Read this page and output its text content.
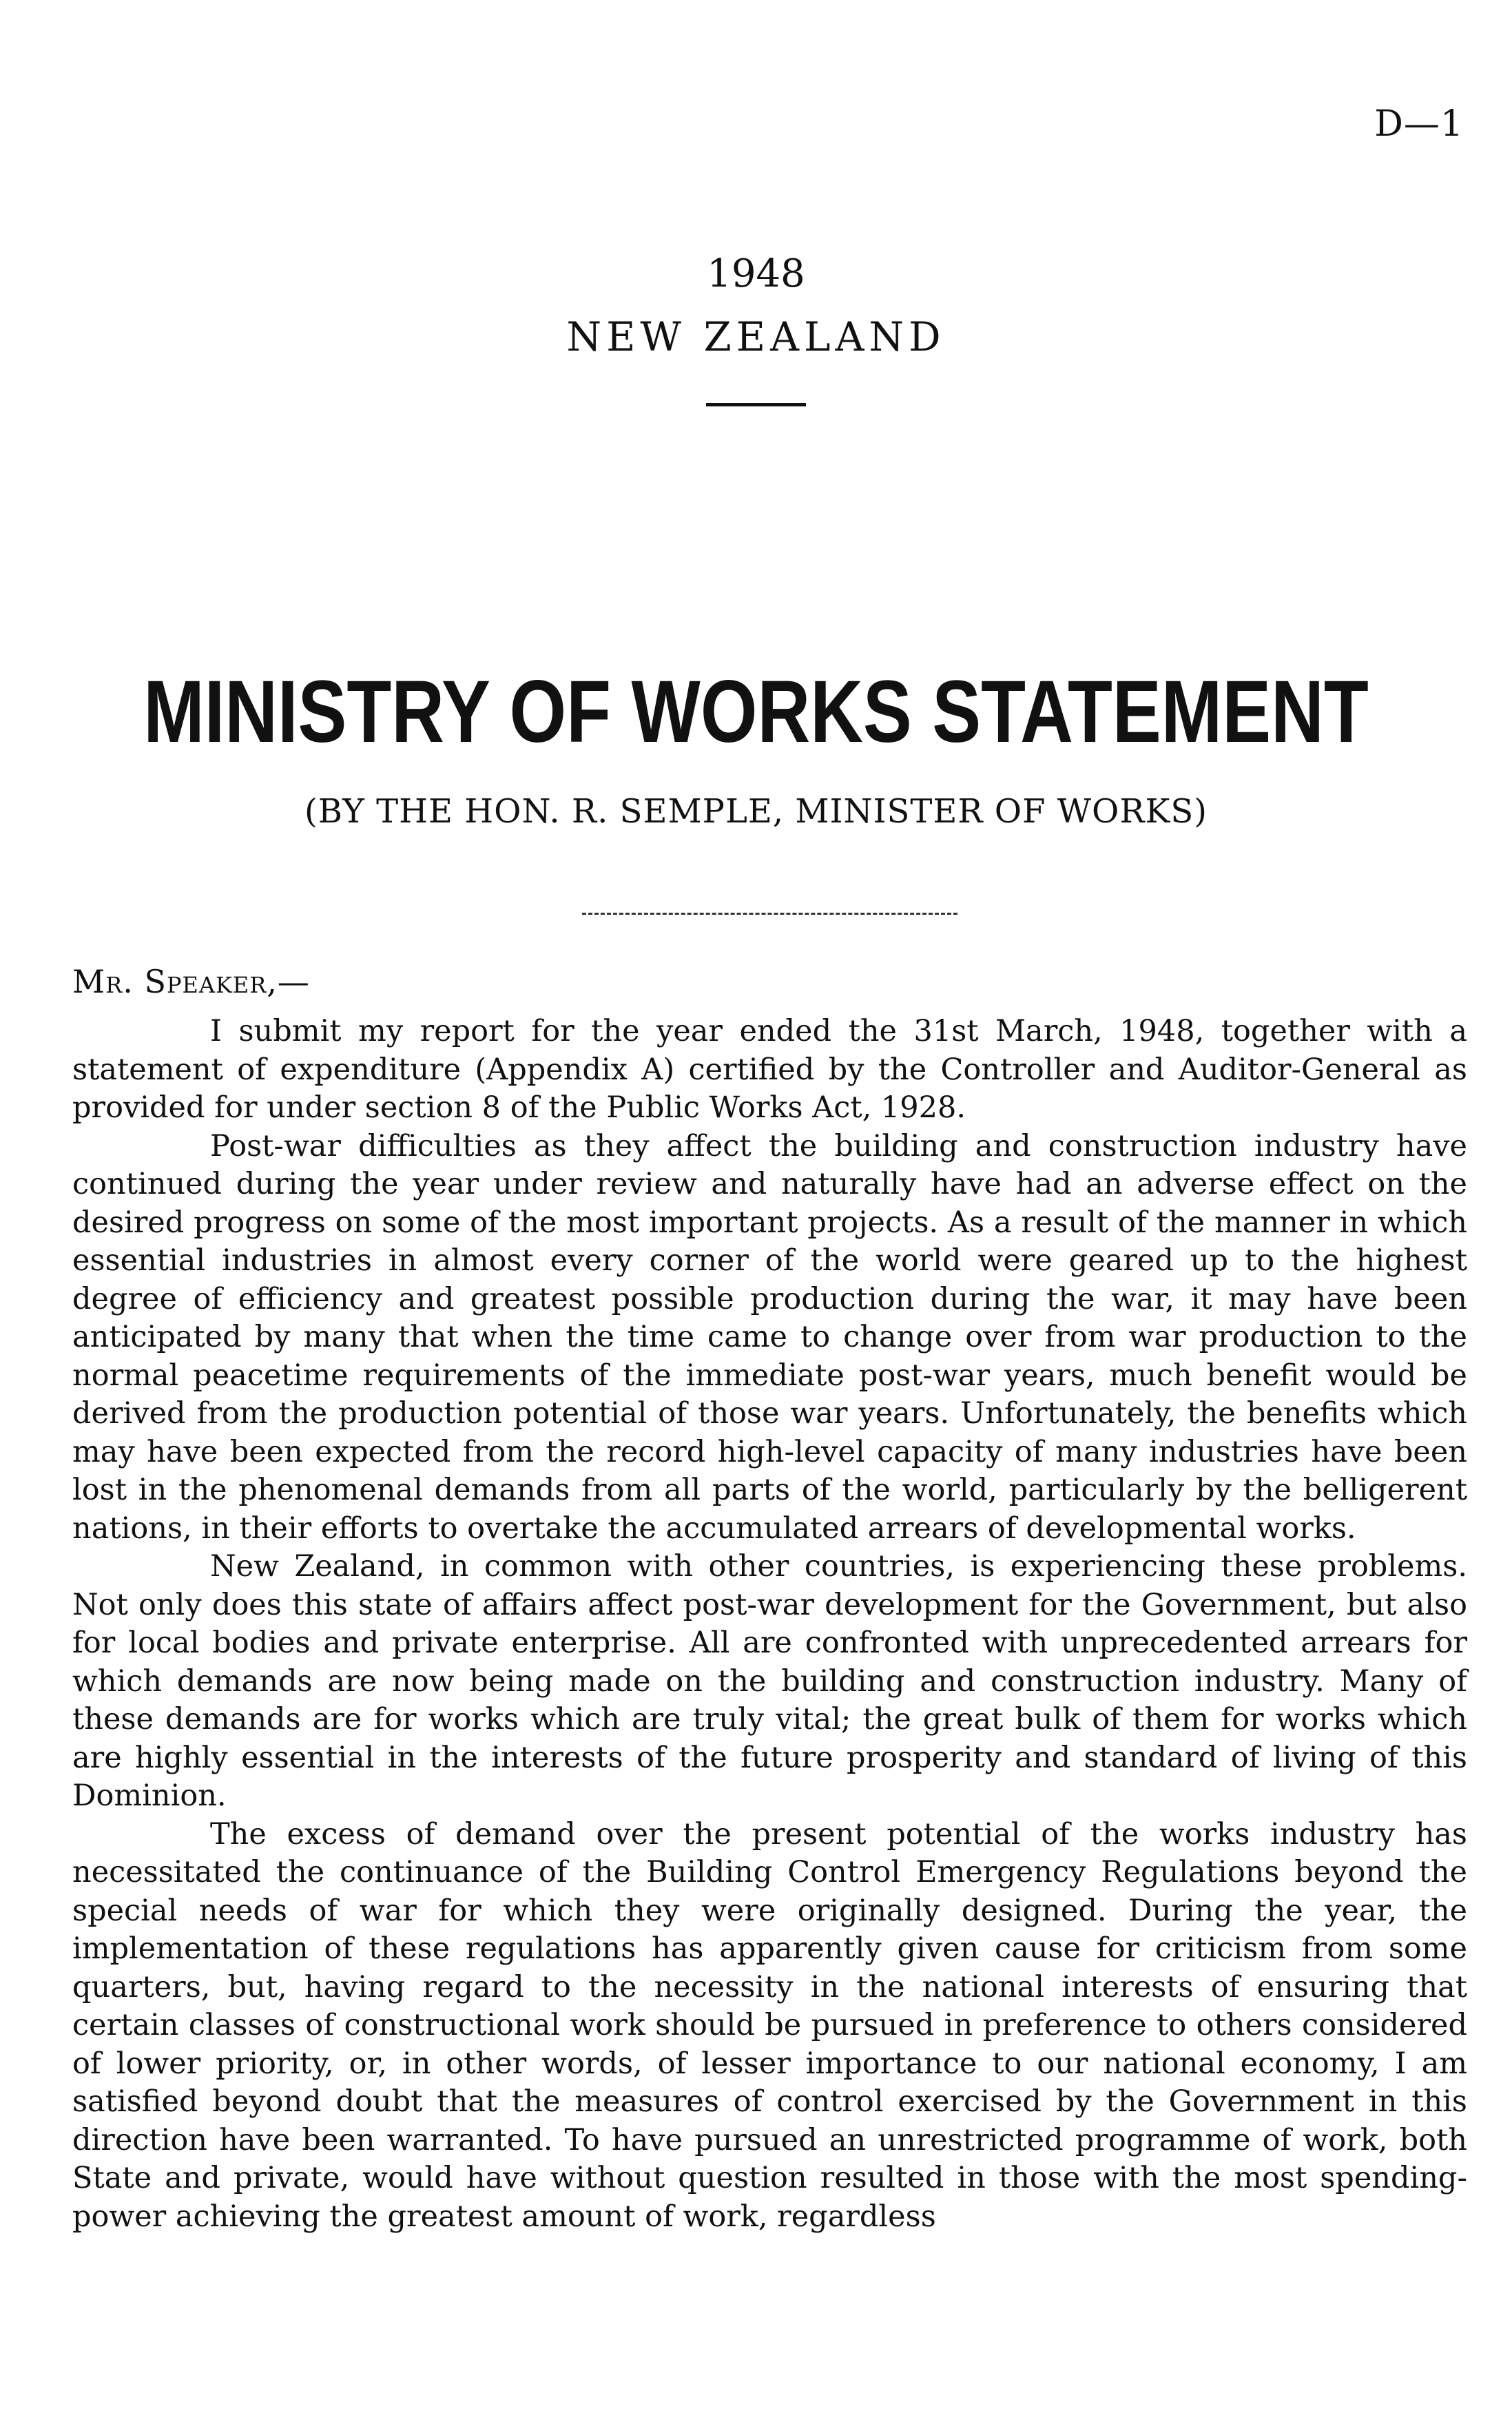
D—1
1948
NEW ZEALAND
MINISTRY OF WORKS STATEMENT
(BY THE HON. R. SEMPLE, MINISTER OF WORKS)
Mr. Speaker,—

I submit my report for the year ended the 31st March, 1948, together with a statement of expenditure (Appendix A) certified by the Controller and Auditor-General as provided for under section 8 of the Public Works Act, 1928.

Post-war difficulties as they affect the building and construction industry have continued during the year under review and naturally have had an adverse effect on the desired progress on some of the most important projects. As a result of the manner in which essential industries in almost every corner of the world were geared up to the highest degree of efficiency and greatest possible production during the war, it may have been anticipated by many that when the time came to change over from war production to the normal peacetime requirements of the immediate post-war years, much benefit would be derived from the production potential of those war years. Unfortunately, the benefits which may have been expected from the record high-level capacity of many industries have been lost in the phenomenal demands from all parts of the world, particularly by the belligerent nations, in their efforts to overtake the accumulated arrears of developmental works.

New Zealand, in common with other countries, is experiencing these problems. Not only does this state of affairs affect post-war development for the Government, but also for local bodies and private enterprise. All are confronted with unprecedented arrears for which demands are now being made on the building and construction industry. Many of these demands are for works which are truly vital; the great bulk of them for works which are highly essential in the interests of the future prosperity and standard of living of this Dominion.

The excess of demand over the present potential of the works industry has necessitated the continuance of the Building Control Emergency Regulations beyond the special needs of war for which they were originally designed. During the year, the implementation of these regulations has apparently given cause for criticism from some quarters, but, having regard to the necessity in the national interests of ensuring that certain classes of constructional work should be pursued in preference to others considered of lower priority, or, in other words, of lesser importance to our national economy, I am satisfied beyond doubt that the measures of control exercised by the Government in this direction have been warranted. To have pursued an unrestricted programme of work, both State and private, would have without question resulted in those with the most spending-power achieving the greatest amount of work, regardless
